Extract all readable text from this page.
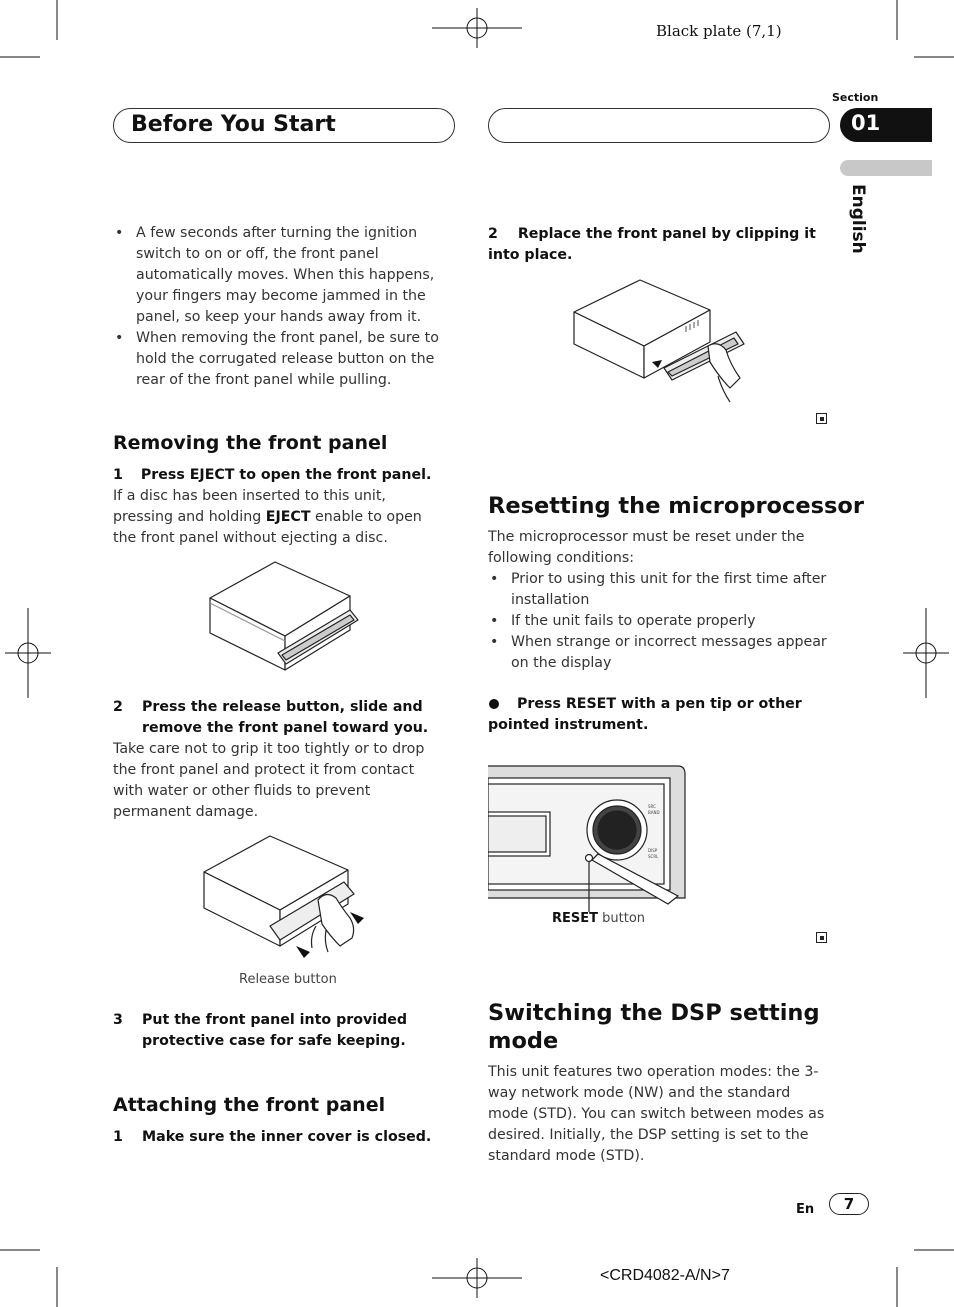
Black plate (7,1)
Before You Start
Section
01
English
• A few seconds after turning the ignition switch to on or off, the front panel automatically moves. When this happens, your fingers may become jammed in the panel, so keep your hands away from it.
• When removing the front panel, be sure to hold the corrugated release button on the rear of the front panel while pulling.
Removing the front panel
1 Press EJECT to open the front panel.

If a disc has been inserted to this unit, pressing and holding EJECT enable to open the front panel without ejecting a disc.

2	Press the release button, slide and remove the front panel toward you.

Take care not to grip it too tightly or to drop the front panel and protect it from contact with water or other fluids to prevent permanent damage.

Release button
3	Put the front panel into provided protective case for safe keeping.
Attaching the front panel
1	Make sure the inner cover is closed.
2 Replace the front panel by clipping it into place.
Resetting the microprocessor

The microprocessor must be reset under the following conditions:

• Prior to using this unit for the first time after installation
• If the unit fails to operate properly
• When strange or incorrect messages appear on the display
Press RESET with a pen tip or other pointed instrument.
SRC
BAND
DISP
SCRL
RESET button
Switching the DSP setting mode

This unit features two operation modes: the 3-way network mode (NW) and the standard mode (STD). You can switch between modes as desired. Initially, the DSP setting is set to the standard mode (STD).

En	7
<CRD4082-A/N>7
